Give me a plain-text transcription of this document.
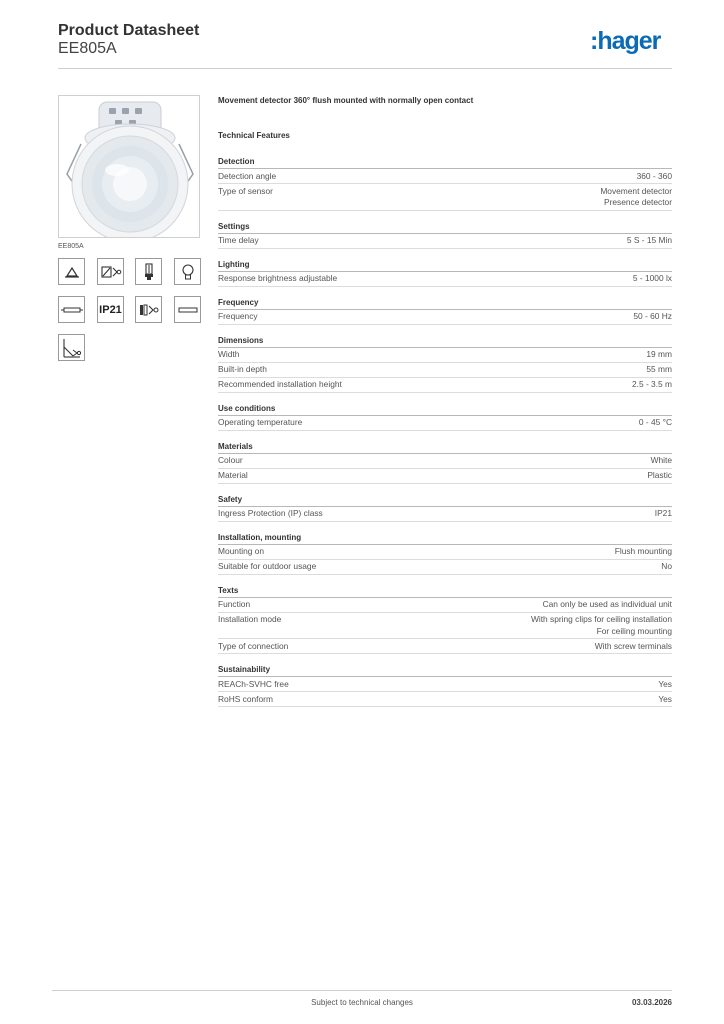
Product Datasheet
EE805A	:hager
EE805A
IP21
Movement detector 360° flush mounted with normally open contact
Technical Features
Detection
Detection angle	360 - 360
Type of sensor	Movement detector
Presence detector
Settings
Time delay	5 S - 15 Min
Lighting
Response brightness adjustable	5 - 1000 lx
Frequency
Frequency	50 - 60 Hz
Dimensions
Width	19 mm
Built-in depth	55 mm
Recommended installation height	2.5 - 3.5 m
Use conditions
Operating temperature	0 - 45 °C
Materials
Colour	White
Material	Plastic
Safety
Ingress Protection (IP) class	IP21
Installation, mounting
Mounting on	Flush mounting
Suitable for outdoor usage	No
Texts
Function	Can only be used as individual unit
Installation mode	With spring clips for ceiling installation
For ceiling mounting
Type of connection	With screw terminals
Sustainability
REACh-SVHC free	Yes
RoHS conform	Yes
Subject to technical changes	03.03.2026
